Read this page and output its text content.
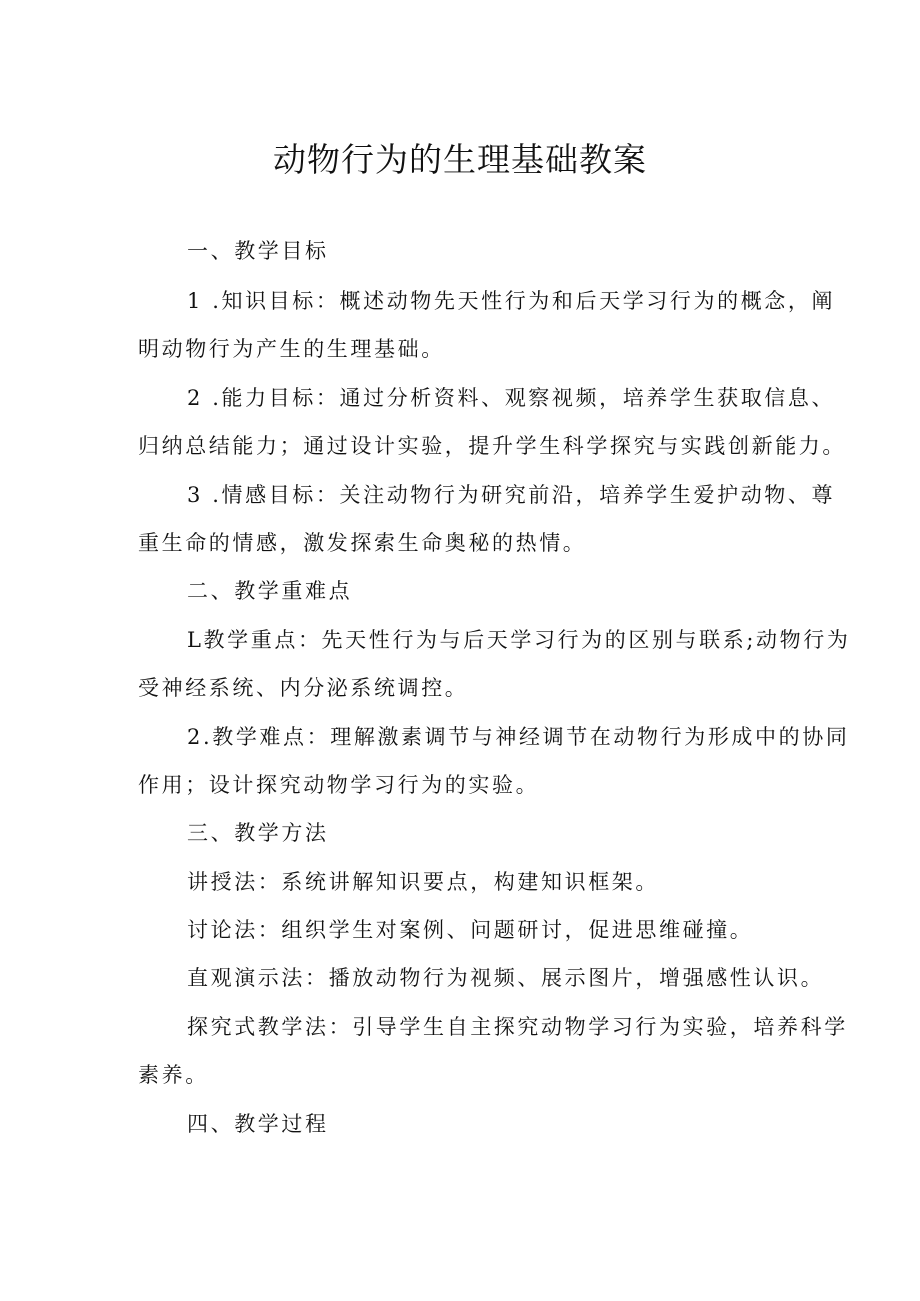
动物行为的生理基础教案

一、教学目标

1 .知识目标：概述动物先天性行为和后天学习行为的概念，阐

明动物行为产生的生理基础。

2 .能力目标：通过分析资料、观察视频，培养学生获取信息、

归纳总结能力；通过设计实验，提升学生科学探究与实践创新能力。

3 .情感目标：关注动物行为研究前沿，培养学生爱护动物、尊

重生命的情感，激发探索生命奥秘的热情。

二、教学重难点

L教学重点：先天性行为与后天学习行为的区别与联系;动物行为

受神经系统、内分泌系统调控。

2.教学难点：理解激素调节与神经调节在动物行为形成中的协同

作用；设计探究动物学习行为的实验。

三、教学方法

讲授法：系统讲解知识要点，构建知识框架。

讨论法：组织学生对案例、问题研讨，促进思维碰撞。

直观演示法：播放动物行为视频、展示图片，增强感性认识。

探究式教学法：引导学生自主探究动物学习行为实验，培养科学

素养。

四、教学过程
